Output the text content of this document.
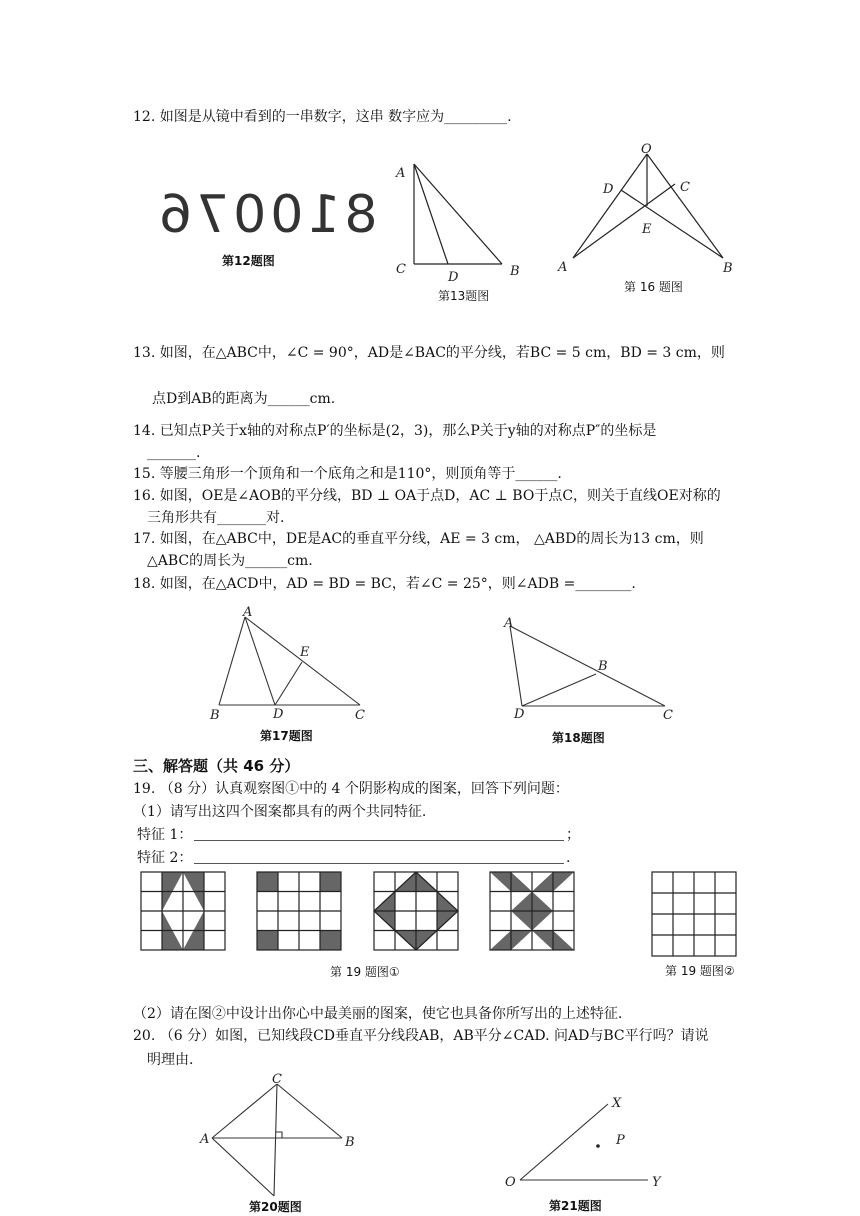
12. 如图是从镜中看到的一串数字，这串 数字应为_________.
810076
第12题图
A
B
C
D
第13题图
O
D	C
E
A	B
第 16 题图
13. 如图，在△ABC中，∠C = 90°，AD是∠BAC的平分线，若BC = 5 cm，BD = 3 cm，则
点D到AB的距离为______cm.
14. 已知点P关于x轴的对称点P′的坐标是(2，3)，那么P关于y轴的对称点P″的坐标是
_______.
15. 等腰三角形一个顶角和一个底角之和是110°，则顶角等于______.
16. 如图，OE是∠AOB的平分线，BD ⊥ OA于点D，AC ⊥ BO于点C，则关于直线OE对称的
三角形共有_______对.
17. 如图，在△ABC中，DE是AC的垂直平分线，AE = 3 cm， △ABD的周长为13 cm，则
△ABC的周长为______cm.
18. 如图，在△ACD中，AD = BD = BC，若∠C = 25°，则∠ADB =________.
A
B	D	C
E
第17题图
A
B
D	C
第18题图
三、解答题（共 46 分）
19. （8 分）认真观察图①中的 4 个阴影构成的图案，回答下列问题：
（1）请写出这四个图案都具有的两个共同特征.
特征 1：	；
特征 2：	.
第 19 题图①	第 19 题图②
（2）请在图②中设计出你心中最美丽的图案，使它也具备你所写出的上述特征.
20. （6 分）如图，已知线段CD垂直平分线段AB，AB平分∠CAD. 问AD与BC平行吗？请说
明理由.
C
A	B
第20题图
X
P
O	Y
第21题图
